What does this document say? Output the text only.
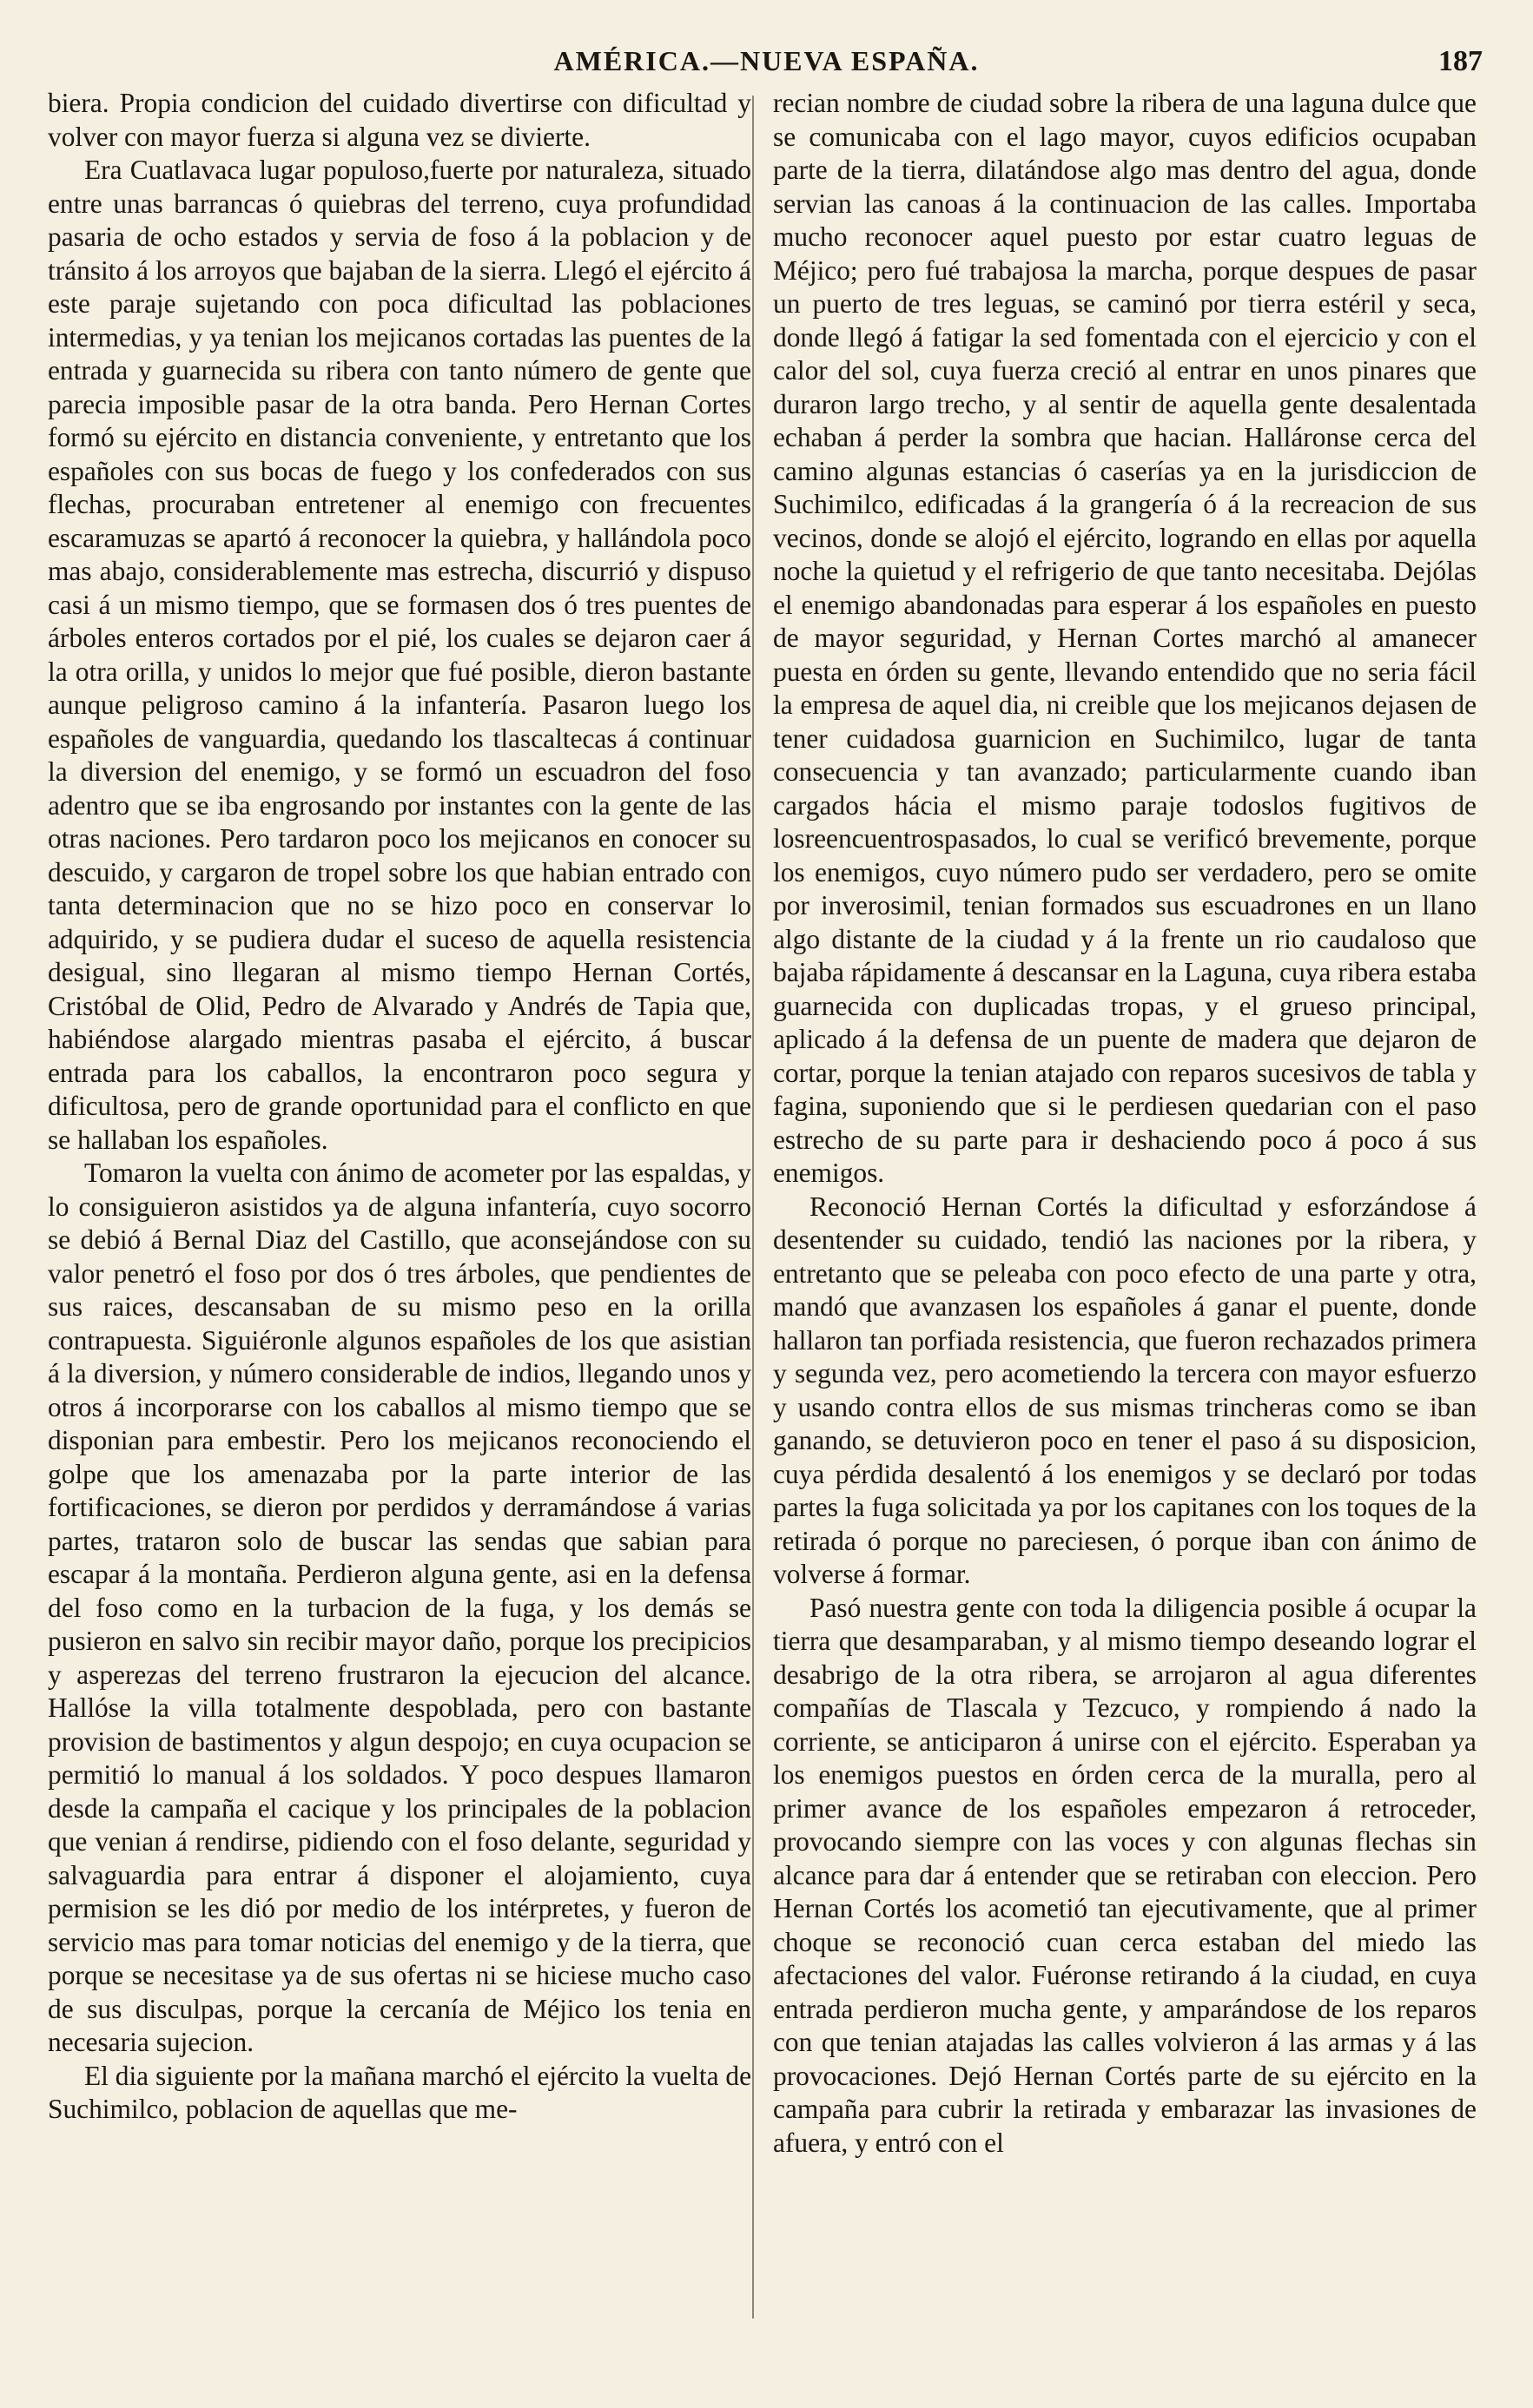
AMÉRICA.—NUEVA ESPAÑA.	187

biera. Propia condicion del cuidado divertirse con dificultad y volver con mayor fuerza si alguna vez se divierte.

Era Cuatlavaca lugar populoso,fuerte por naturaleza, situado entre unas barrancas ó quiebras del terreno, cuya profundidad pasaria de ocho estados y servia de foso á la poblacion y de tránsito á los arroyos que bajaban de la sierra. Llegó el ejército á este paraje sujetando con poca dificultad las poblaciones intermedias, y ya tenian los mejicanos cortadas las puentes de la entrada y guarnecida su ribera con tanto número de gente que parecia imposible pasar de la otra banda. Pero Hernan Cortes formó su ejército en distancia conveniente, y entretanto que los españoles con sus bocas de fuego y los confederados con sus flechas, procuraban entretener al enemigo con frecuentes escaramuzas se apartó á reconocer la quiebra, y hallándola poco mas abajo, considerablemente mas estrecha, discurrió y dispuso casi á un mismo tiempo, que se formasen dos ó tres puentes de árboles enteros cortados por el pié, los cuales se dejaron caer á la otra orilla, y unidos lo mejor que fué posible, dieron bastante aunque peligroso camino á la infantería. Pasaron luego los españoles de vanguardia, quedando los tlascaltecas á continuar la diversion del enemigo, y se formó un escuadron del foso adentro que se iba engrosando por instantes con la gente de las otras naciones. Pero tardaron poco los mejicanos en conocer su descuido, y cargaron de tropel sobre los que habian entrado con tanta determinacion que no se hizo poco en conservar lo adquirido, y se pudiera dudar el suceso de aquella resistencia desigual, sino llegaran al mismo tiempo Hernan Cortés, Cristóbal de Olid, Pedro de Alvarado y Andrés de Tapia que, habiéndose alargado mientras pasaba el ejército, á buscar entrada para los caballos, la encontraron poco segura y dificultosa, pero de grande oportunidad para el conflicto en que se hallaban los españoles.

Tomaron la vuelta con ánimo de acometer por las espaldas, y lo consiguieron asistidos ya de alguna infantería, cuyo socorro se debió á Bernal Diaz del Castillo, que aconsejándose con su valor penetró el foso por dos ó tres árboles, que pendientes de sus raices, descansaban de su mismo peso en la orilla contrapuesta. Siguiéronle algunos españoles de los que asistian á la diversion, y número considerable de indios, llegando unos y otros á incorporarse con los caballos al mismo tiempo que se disponian para embestir. Pero los mejicanos reconociendo el golpe que los amenazaba por la parte interior de las fortificaciones, se dieron por perdidos y derramándose á varias partes, trataron solo de buscar las sendas que sabian para escapar á la montaña. Perdieron alguna gente, asi en la defensa del foso como en la turbacion de la fuga, y los demás se pusieron en salvo sin recibir mayor daño, porque los precipicios y asperezas del terreno frustraron la ejecucion del alcance. Hallóse la villa totalmente despoblada, pero con bastante provision de bastimentos y algun despojo; en cuya ocupacion se permitió lo manual á los soldados. Y poco despues llamaron desde la campaña el cacique y los principales de la poblacion que venian á rendirse, pidiendo con el foso delante, seguridad y salvaguardia para entrar á disponer el alojamiento, cuya permision se les dió por medio de los intérpretes, y fueron de servicio mas para tomar noticias del enemigo y de la tierra, que porque se necesitase ya de sus ofertas ni se hiciese mucho caso de sus disculpas, porque la cercanía de Méjico los tenia en necesaria sujecion.

El dia siguiente por la mañana marchó el ejército la vuelta de Suchimilco, poblacion de aquellas que me-

recian nombre de ciudad sobre la ribera de una laguna dulce que se comunicaba con el lago mayor, cuyos edificios ocupaban parte de la tierra, dilatándose algo mas dentro del agua, donde servian las canoas á la continuacion de las calles. Importaba mucho reconocer aquel puesto por estar cuatro leguas de Méjico; pero fué trabajosa la marcha, porque despues de pasar un puerto de tres leguas, se caminó por tierra estéril y seca, donde llegó á fatigar la sed fomentada con el ejercicio y con el calor del sol, cuya fuerza creció al entrar en unos pinares que duraron largo trecho, y al sentir de aquella gente desalentada echaban á perder la sombra que hacian. Halláronse cerca del camino algunas estancias ó caserías ya en la jurisdiccion de Suchimilco, edificadas á la grangería ó á la recreacion de sus vecinos, donde se alojó el ejército, logrando en ellas por aquella noche la quietud y el refrigerio de que tanto necesitaba. Dejólas el enemigo abandonadas para esperar á los españoles en puesto de mayor seguridad, y Hernan Cortes marchó al amanecer puesta en órden su gente, llevando entendido que no seria fácil la empresa de aquel dia, ni creible que los mejicanos dejasen de tener cuidadosa guarnicion en Suchimilco, lugar de tanta consecuencia y tan avanzado; particularmente cuando iban cargados hácia el mismo paraje todoslos fugitivos de losreencuentrospasados, lo cual se verificó brevemente, porque los enemigos, cuyo número pudo ser verdadero, pero se omite por inverosimil, tenian formados sus escuadrones en un llano algo distante de la ciudad y á la frente un rio caudaloso que bajaba rápidamente á descansar en la Laguna, cuya ribera estaba guarnecida con duplicadas tropas, y el grueso principal, aplicado á la defensa de un puente de madera que dejaron de cortar, porque la tenian atajado con reparos sucesivos de tabla y fagina, suponiendo que si le perdiesen quedarian con el paso estrecho de su parte para ir deshaciendo poco á poco á sus enemigos.

Reconoció Hernan Cortés la dificultad y esforzándose á desentender su cuidado, tendió las naciones por la ribera, y entretanto que se peleaba con poco efecto de una parte y otra, mandó que avanzasen los españoles á ganar el puente, donde hallaron tan porfiada resistencia, que fueron rechazados primera y segunda vez, pero acometiendo la tercera con mayor esfuerzo y usando contra ellos de sus mismas trincheras como se iban ganando, se detuvieron poco en tener el paso á su disposicion, cuya pérdida desalentó á los enemigos y se declaró por todas partes la fuga solicitada ya por los capitanes con los toques de la retirada ó porque no pareciesen, ó porque iban con ánimo de volverse á formar.

Pasó nuestra gente con toda la diligencia posible á ocupar la tierra que desamparaban, y al mismo tiempo deseando lograr el desabrigo de la otra ribera, se arrojaron al agua diferentes compañías de Tlascala y Tezcuco, y rompiendo á nado la corriente, se anticiparon á unirse con el ejército. Esperaban ya los enemigos puestos en órden cerca de la muralla, pero al primer avance de los españoles empezaron á retroceder, provocando siempre con las voces y con algunas flechas sin alcance para dar á entender que se retiraban con eleccion. Pero Hernan Cortés los acometió tan ejecutivamente, que al primer choque se reconoció cuan cerca estaban del miedo las afectaciones del valor. Fuéronse retirando á la ciudad, en cuya entrada perdieron mucha gente, y amparándose de los reparos con que tenian atajadas las calles volvieron á las armas y á las provocaciones. Dejó Hernan Cortés parte de su ejército en la campaña para cubrir la retirada y embarazar las invasiones de afuera, y entró con el
